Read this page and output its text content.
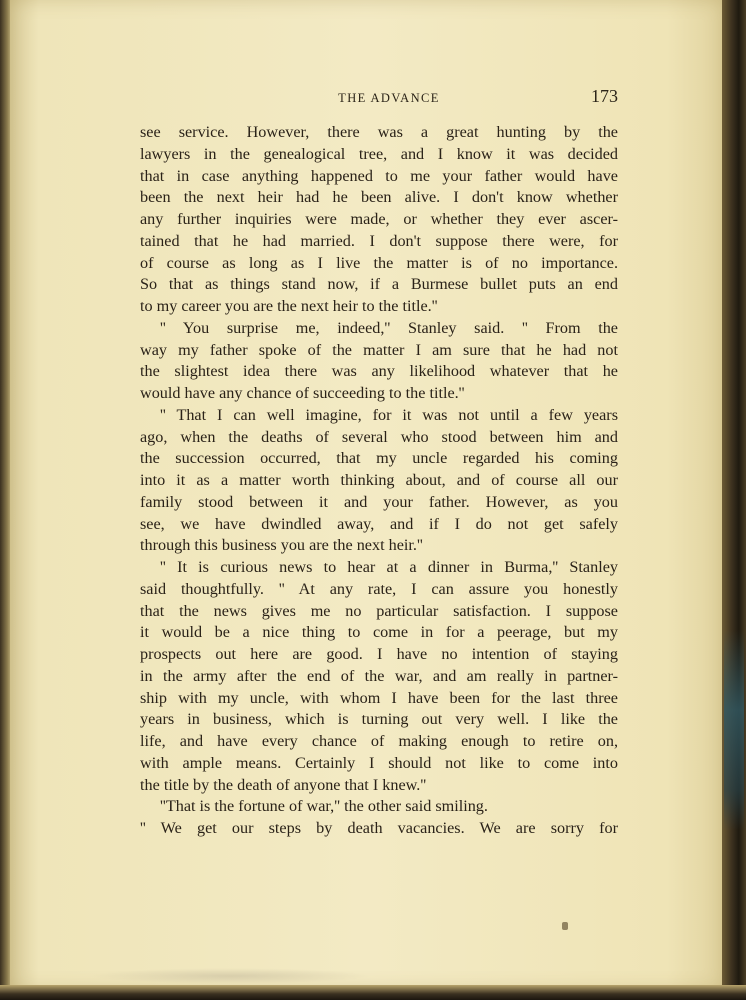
THE ADVANCE	173
see service. However, there was a great hunting by the
lawyers in the genealogical tree, and I know it was decided
that in case anything happened to me your father would have
been the next heir had he been alive. I don't know whether
any further inquiries were made, or whether they ever ascer-
tained that he had married. I don't suppose there were, for
of course as long as I live the matter is of no importance.
So that as things stand now, if a Burmese bullet puts an end
to my career you are the next heir to the title.''
'' You surprise me, indeed,'' Stanley said. '' From the
way my father spoke of the matter I am sure that he had not
the slightest idea there was any likelihood whatever that he
would have any chance of succeeding to the title.''
'' That I can well imagine, for it was not until a few years
ago, when the deaths of several who stood between him and
the succession occurred, that my uncle regarded his coming
into it as a matter worth thinking about, and of course all our
family stood between it and your father. However, as you
see, we have dwindled away, and if I do not get safely
through this business you are the next heir.''
'' It is curious news to hear at a dinner in Burma,'' Stanley
said thoughtfully. '' At any rate, I can assure you honestly
that the news gives me no particular satisfaction. I suppose
it would be a nice thing to come in for a peerage, but my
prospects out here are good. I have no intention of staying
in the army after the end of the war, and am really in partner-
ship with my uncle, with whom I have been for the last three
years in business, which is turning out very well. I like the
life, and have every chance of making enough to retire on,
with ample means. Certainly I should not like to come into
the title by the death of anyone that I knew.''
''That is the fortune of war,'' the other said smiling.
'' We get our steps by death vacancies. We are sorry for
